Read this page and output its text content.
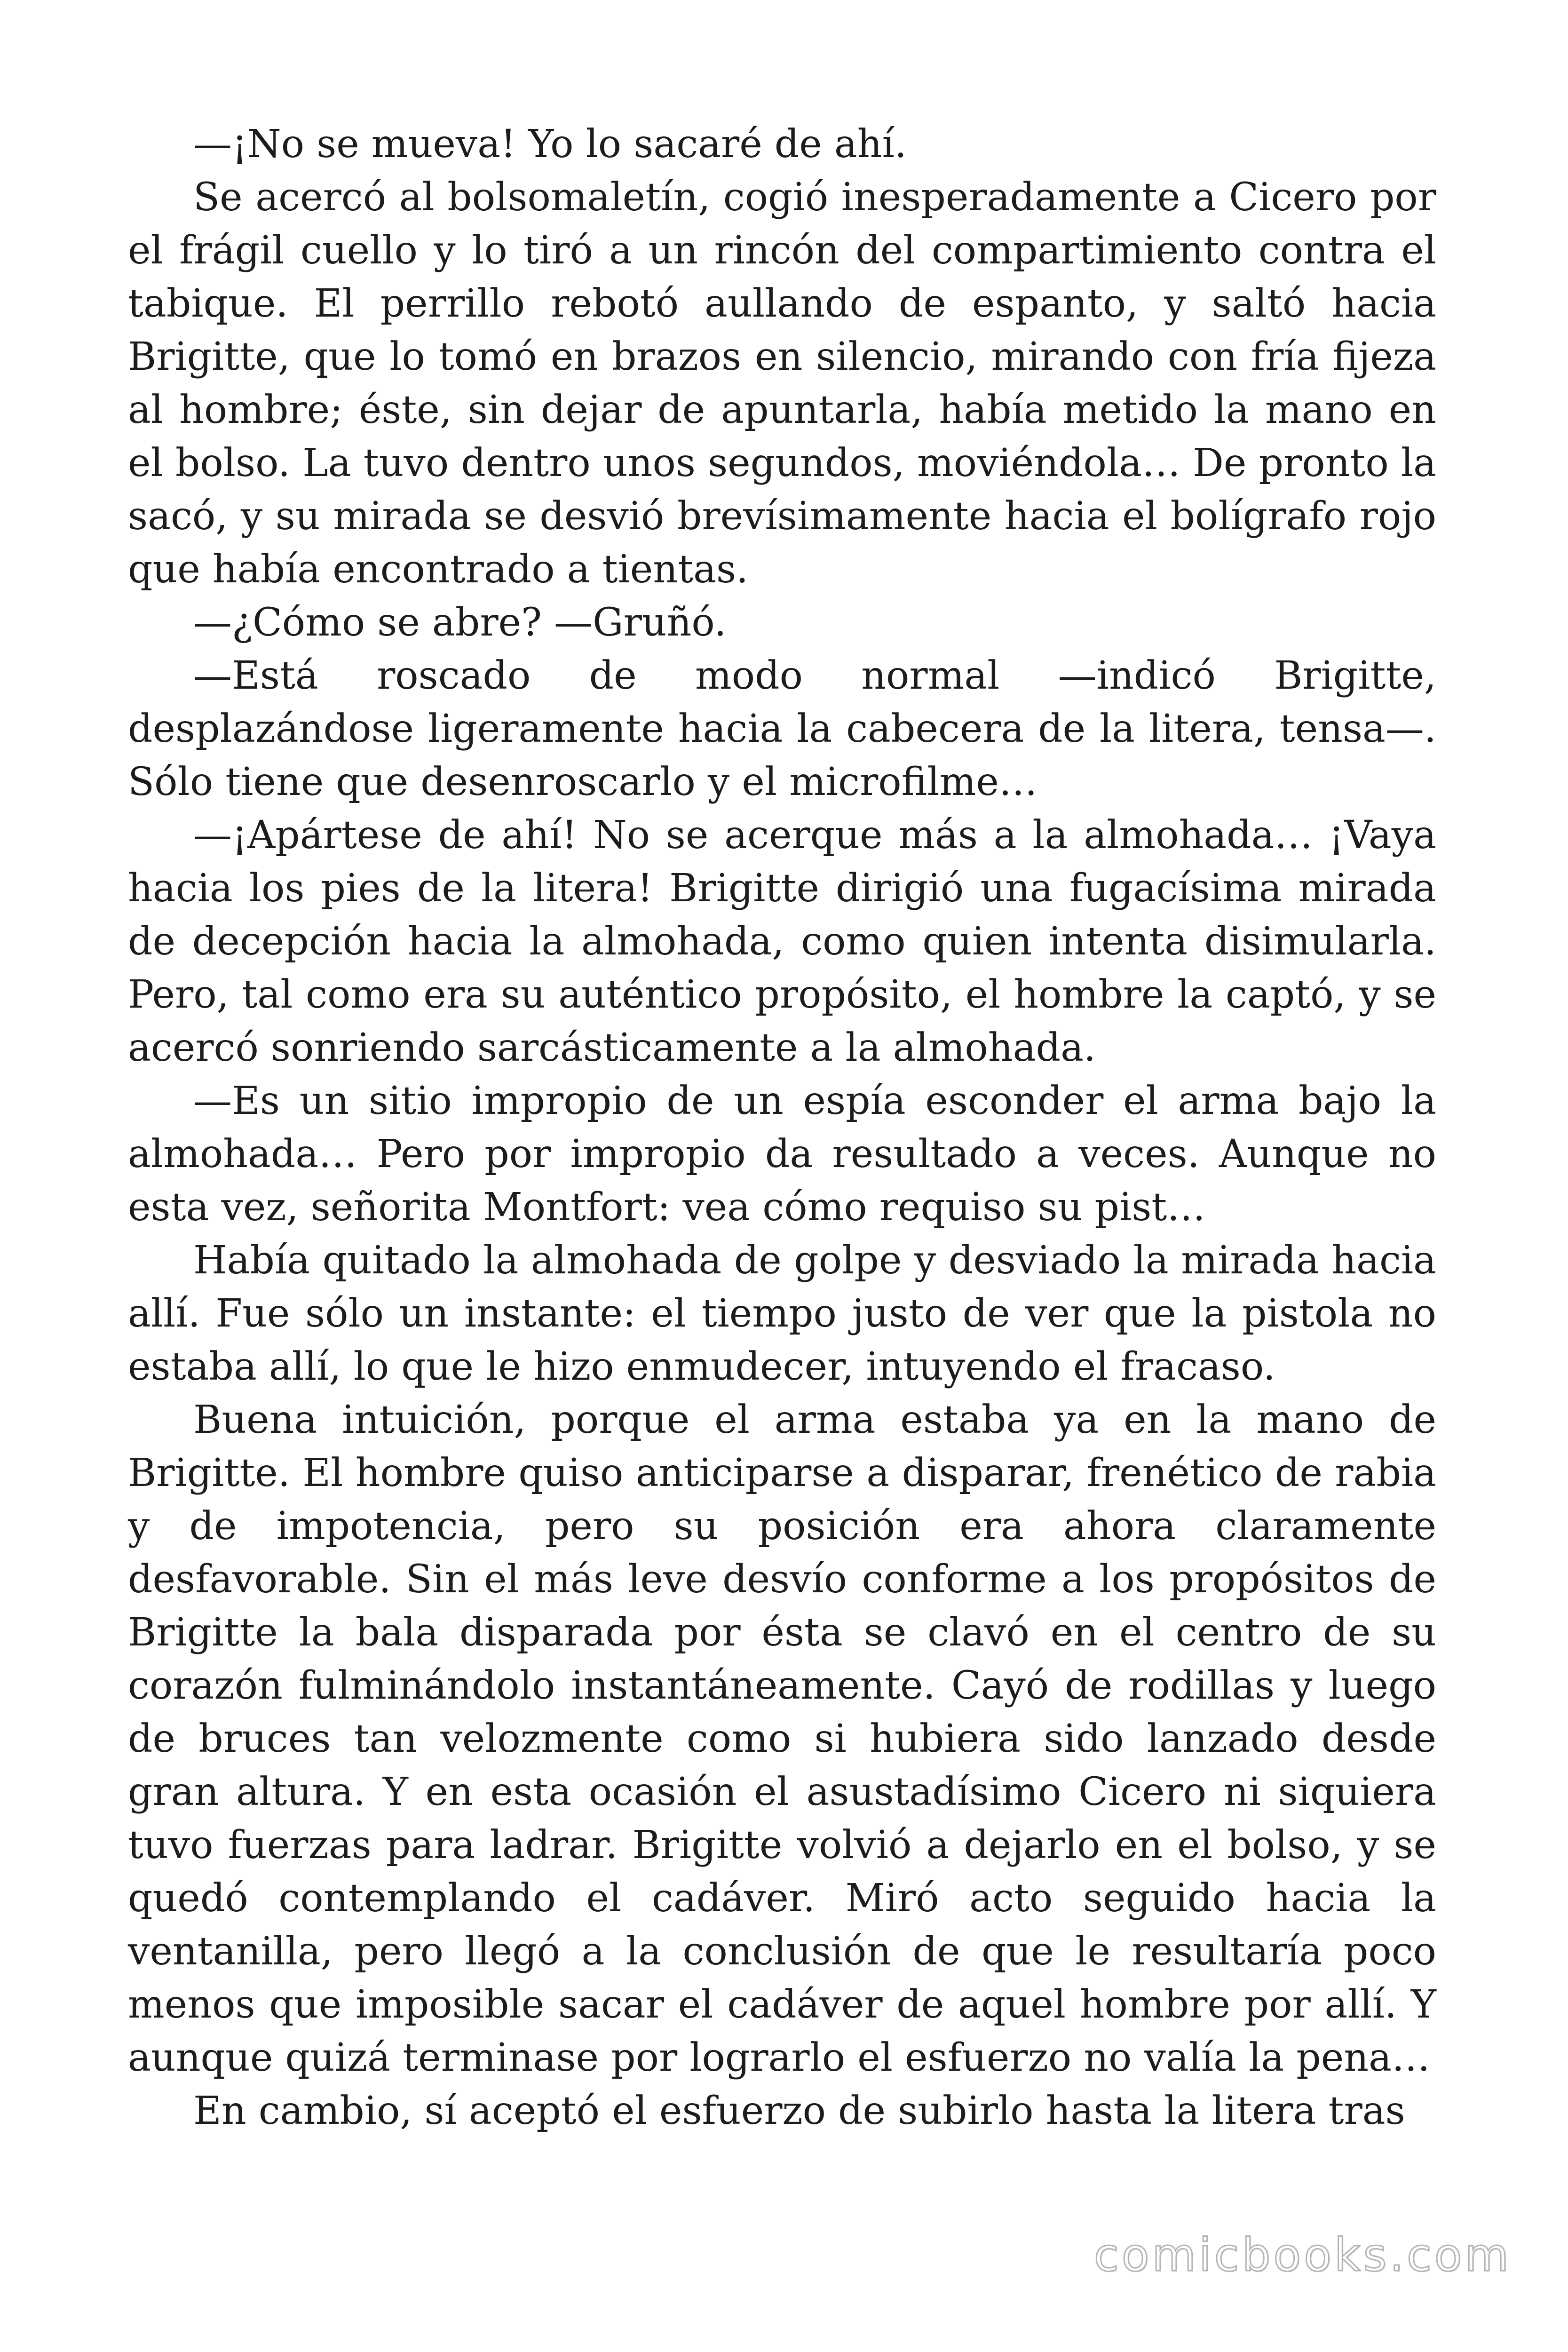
—¡No se mueva! Yo lo sacaré de ahí.

Se acercó al bolsomaletín, cogió inesperadamente a Cicero por el frágil cuello y lo tiró a un rincón del compartimiento contra el tabique. El perrillo rebotó aullando de espanto, y saltó hacia Brigitte, que lo tomó en brazos en silencio, mirando con fría fijeza al hombre; éste, sin dejar de apuntarla, había metido la mano en el bolso. La tuvo dentro unos segundos, moviéndola… De pronto la sacó, y su mirada se desvió brevísimamente hacia el bolígrafo rojo que había encontrado a tientas.

—¿Cómo se abre? —Gruñó.

—Está roscado de modo normal —indicó Brigitte, desplazándose ligeramente hacia la cabecera de la litera, tensa—. Sólo tiene que desenroscarlo y el microfilme…

—¡Apártese de ahí! No se acerque más a la almohada… ¡Vaya hacia los pies de la litera! Brigitte dirigió una fugacísima mirada de decepción hacia la almohada, como quien intenta disimularla. Pero, tal como era su auténtico propósito, el hombre la captó, y se acercó sonriendo sarcásticamente a la almohada.

—Es un sitio impropio de un espía esconder el arma bajo la almohada… Pero por impropio da resultado a veces. Aunque no esta vez, señorita Montfort: vea cómo requiso su pist…

Había quitado la almohada de golpe y desviado la mirada hacia allí. Fue sólo un instante: el tiempo justo de ver que la pistola no estaba allí, lo que le hizo enmudecer, intuyendo el fracaso.

Buena intuición, porque el arma estaba ya en la mano de Brigitte. El hombre quiso anticiparse a disparar, frenético de rabia y de impotencia, pero su posición era ahora claramente desfavorable. Sin el más leve desvío conforme a los propósitos de Brigitte la bala disparada por ésta se clavó en el centro de su corazón fulminándolo instantáneamente. Cayó de rodillas y luego de bruces tan velozmente como si hubiera sido lanzado desde gran altura. Y en esta ocasión el asustadísimo Cicero ni siquiera tuvo fuerzas para ladrar. Brigitte volvió a dejarlo en el bolso, y se quedó contemplando el cadáver. Miró acto seguido hacia la ventanilla, pero llegó a la conclusión de que le resultaría poco menos que imposible sacar el cadáver de aquel hombre por allí. Y aunque quizá terminase por lograrlo el esfuerzo no valía la pena…

En cambio, sí aceptó el esfuerzo de subirlo hasta la litera tras

comicbooks.com
